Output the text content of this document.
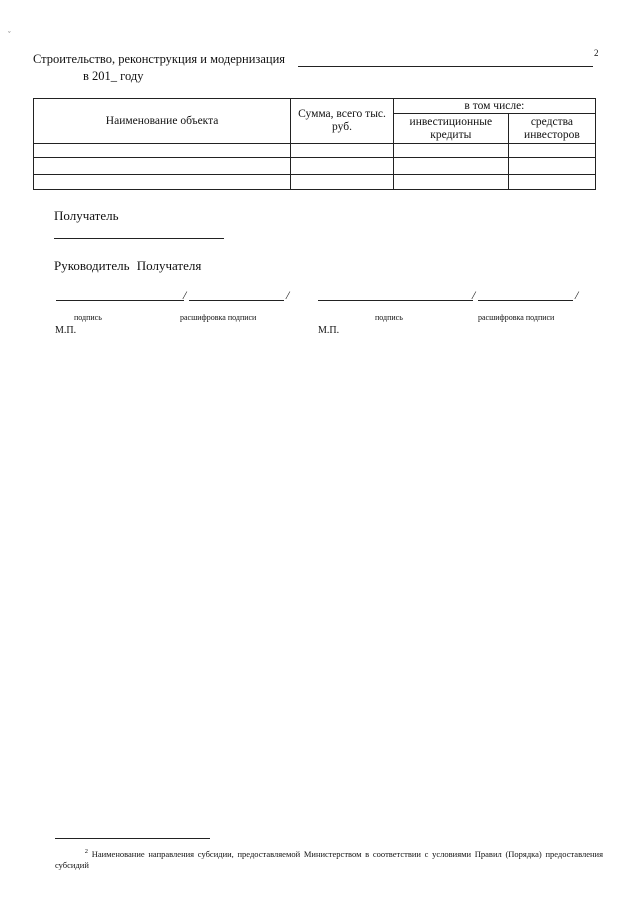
ˇ
Строительство, реконструкция и модернизация	2
в 201_ году
Наименование объекта	Сумма, всего тыс. руб.	в том числе:	
		инвестиционные кредиты	средства инвесторов

Получатель
Руководитель Получателя
/	/
подпись	расшифровка подписи
М.П.
/	/
подпись	расшифровка подписи
М.П.
$^2$ Наименование направления субсидии, предоставляемой Министерством в соответствии с условиями Правил (Порядка) предоставления субсидий
